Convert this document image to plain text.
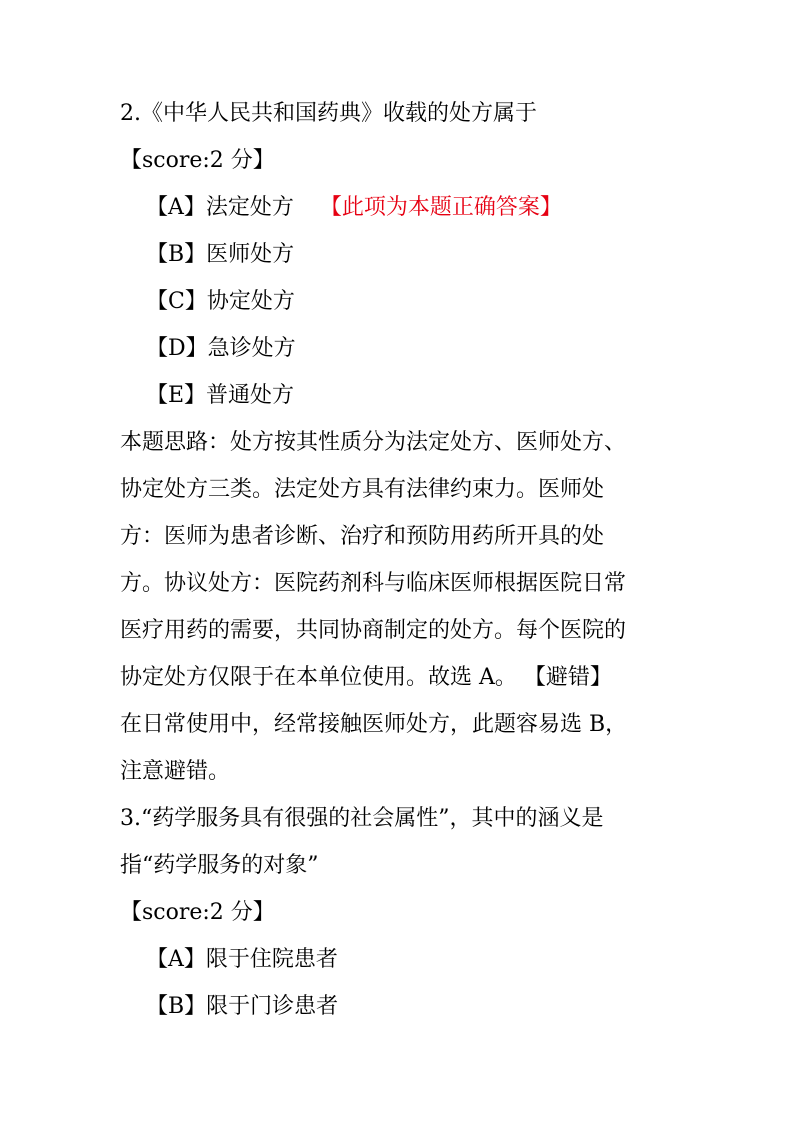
2.《中华人民共和国药典》收载的处方属于
【score:2 分】
【A】法定处方 【此项为本题正确答案】
【B】医师处方
【C】协定处方
【D】急诊处方
【E】普通处方
本题思路：处方按其性质分为法定处方、医师处方、
协定处方三类。法定处方具有法律约束力。医师处
方：医师为患者诊断、治疗和预防用药所开具的处
方。协议处方：医院药剂科与临床医师根据医院日常
医疗用药的需要，共同协商制定的处方。每个医院的
协定处方仅限于在本单位使用。故选 A。 【避错】
在日常使用中，经常接触医师处方，此题容易选 B，
注意避错。
3.“药学服务具有很强的社会属性”，其中的涵义是
指“药学服务的对象”
【score:2 分】
【A】限于住院患者
【B】限于门诊患者
